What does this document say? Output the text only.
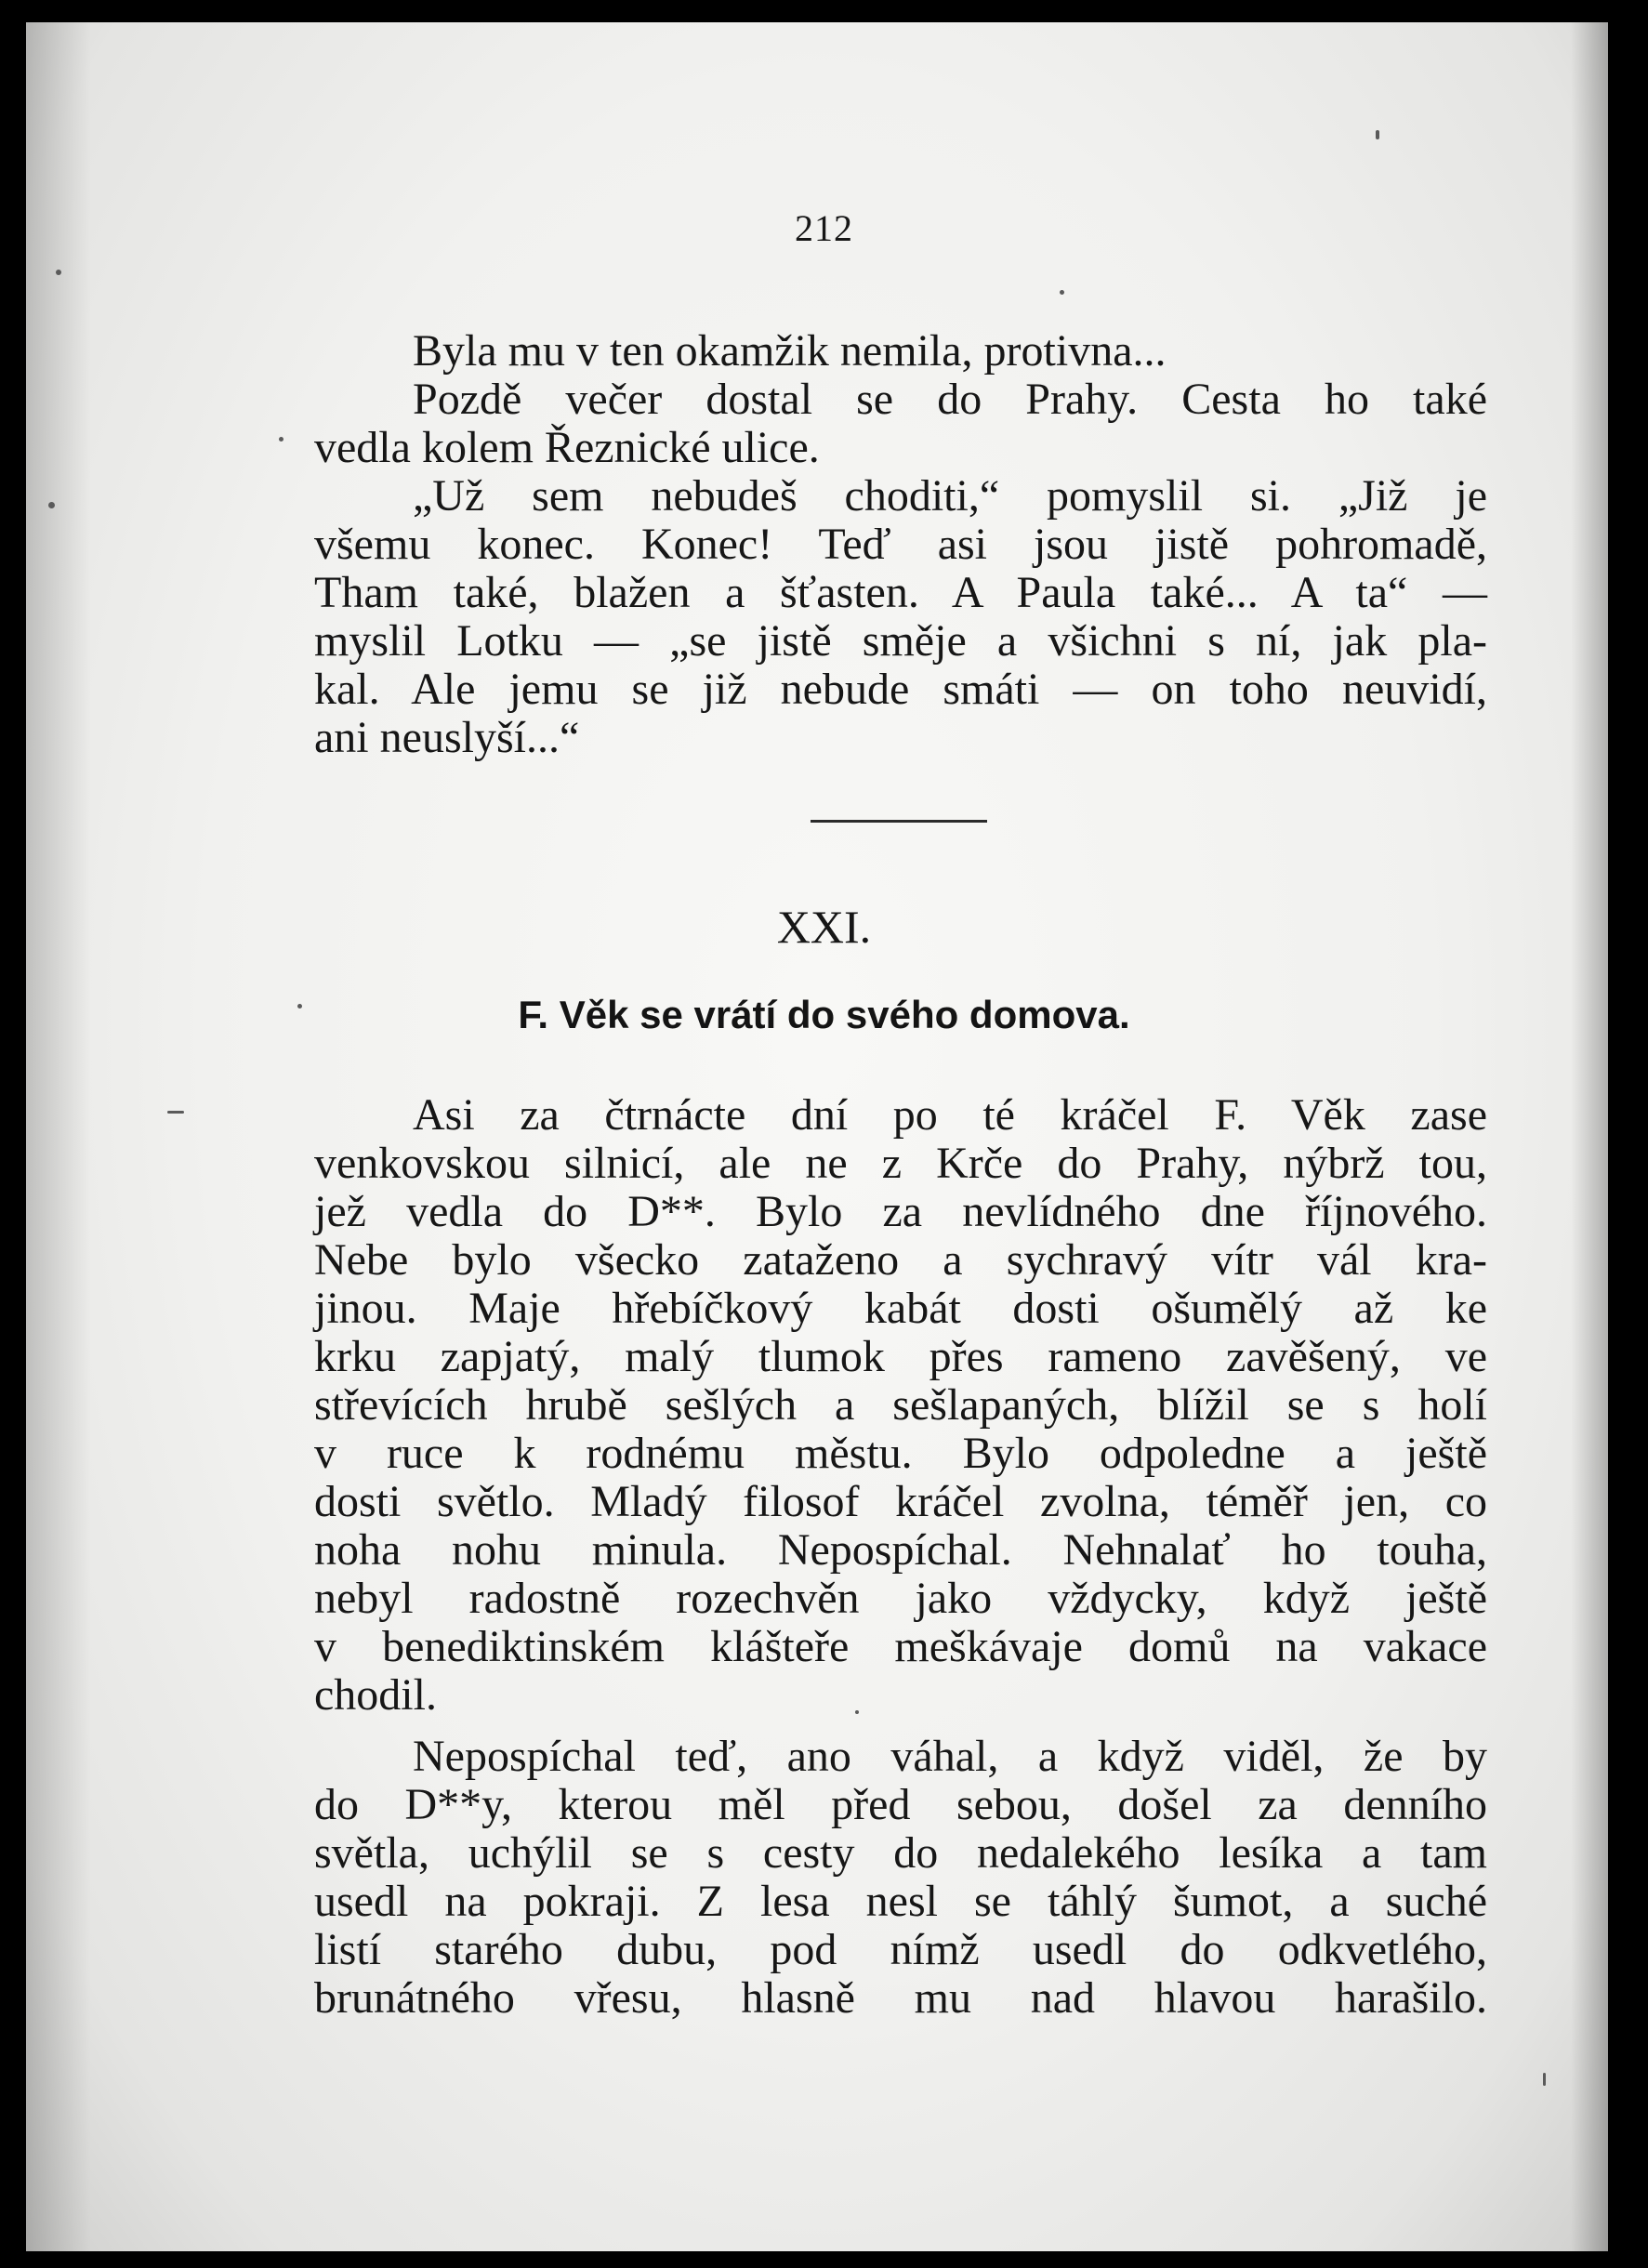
212
Byla mu v ten okamžik nemila, protivna...
Pozdě večer dostal se do Prahy. Cesta ho také
vedla kolem Řeznické ulice.
„Už sem nebudeš choditi,“ pomyslil si. „Již je
všemu konec. Konec! Teď asi jsou jistě pohromadě,
Tham také, blažen a šťasten. A Paula také... A ta“ —
myslil Lotku — „se jistě směje a všichni s ní, jak pla-
kal. Ale jemu se již nebude smáti — on toho neuvidí,
ani neuslyší...“
XXI.
F. Věk se vrátí do svého domova.
Asi za čtrnácte dní po té kráčel F. Věk zase
venkovskou silnicí, ale ne z Krče do Prahy, nýbrž tou,
jež vedla do D**. Bylo za nevlídného dne říjnového.
Nebe bylo všecko zataženo a sychravý vítr vál kra-
jinou. Maje hřebíčkový kabát dosti ošumělý až ke
krku zapjatý, malý tlumok přes rameno zavěšený, ve
střevících hrubě sešlých a sešlapaných, blížil se s holí
v ruce k rodnému městu. Bylo odpoledne a ještě
dosti světlo. Mladý filosof kráčel zvolna, téměř jen, co
noha nohu minula. Nepospíchal. Nehnalať ho touha,
nebyl radostně rozechvěn jako vždycky, když ještě
v benediktinském klášteře meškávaje domů na vakace
chodil.
Nepospíchal teď, ano váhal, a když viděl, že by
do D**y, kterou měl před sebou, došel za denního
světla, uchýlil se s cesty do nedalekého lesíka a tam
usedl na pokraji. Z lesa nesl se táhlý šumot, a suché
listí starého dubu, pod nímž usedl do odkvetlého,
brunátného vřesu, hlasně mu nad hlavou harašilo.
